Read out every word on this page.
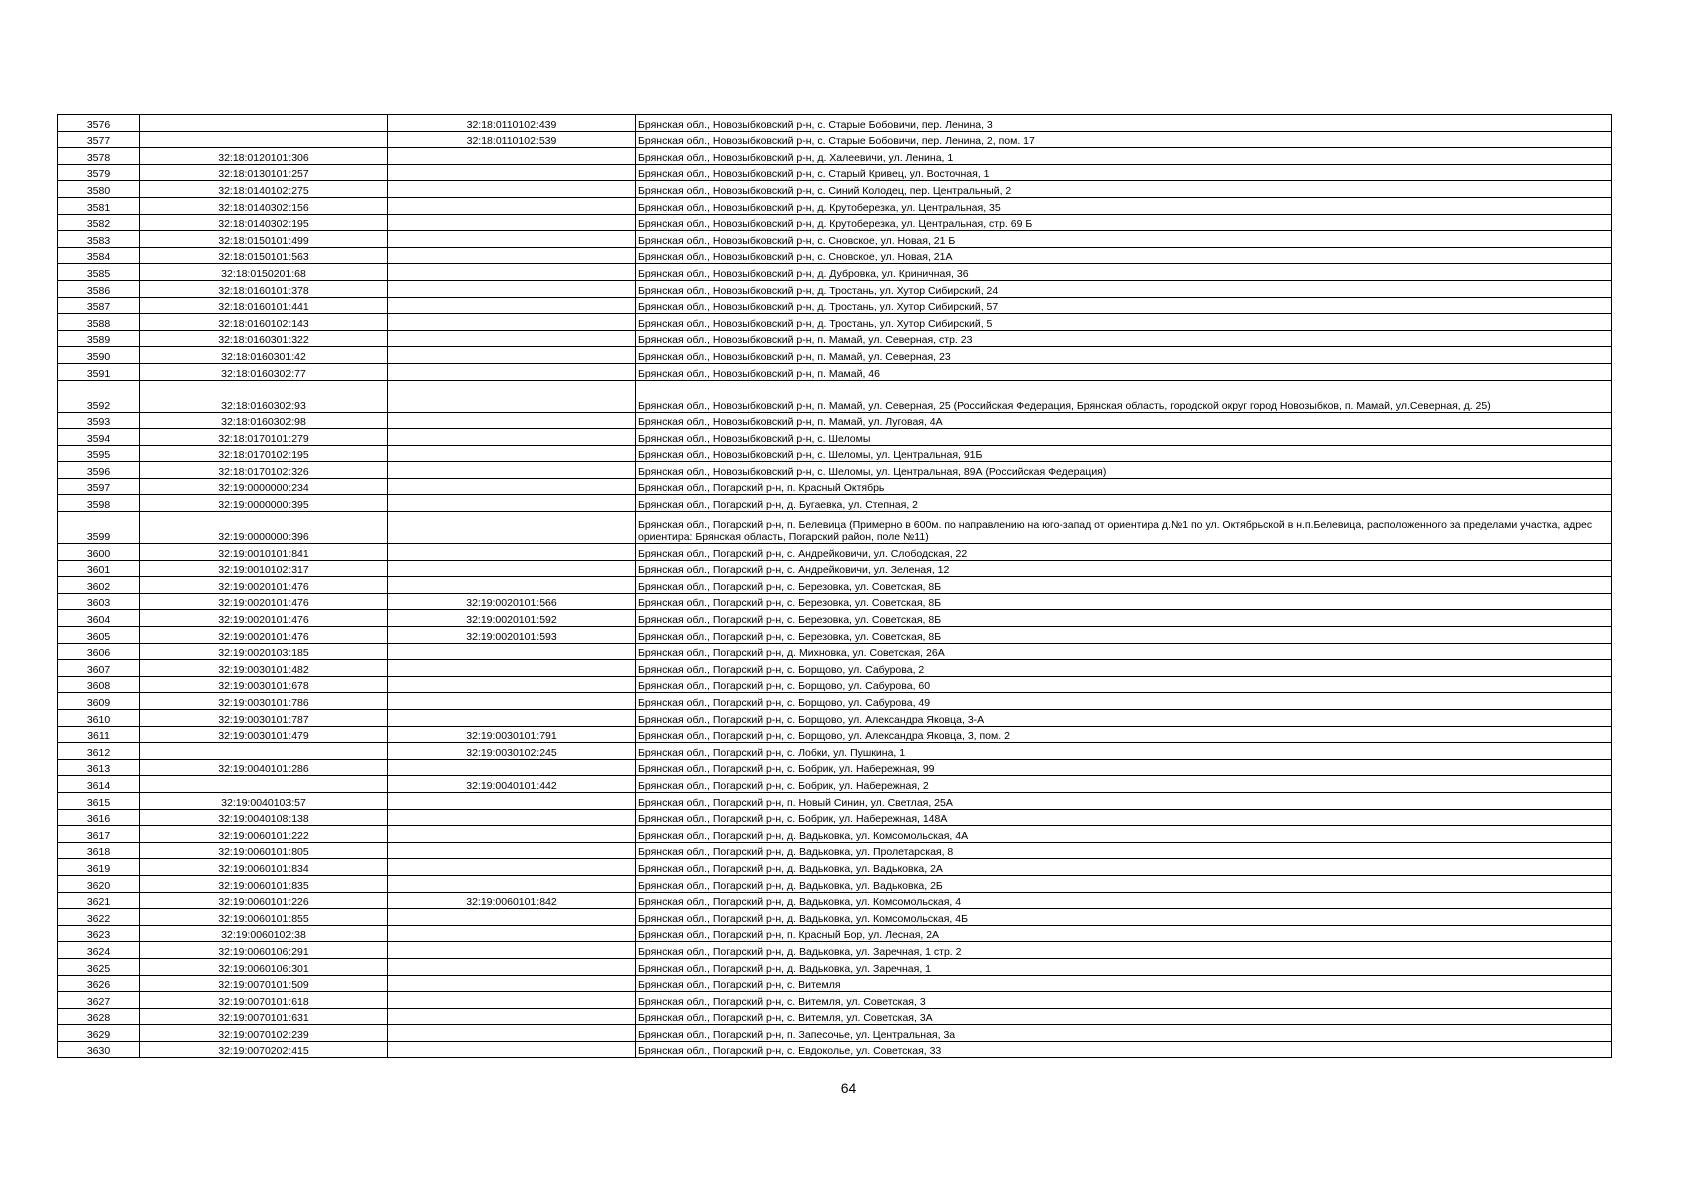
3576		32:18:0110102:439	Брянская обл., Новозыбковский р-н, с. Старые Бобовичи, пер. Ленина, 3
3577		32:18:0110102:539	Брянская обл., Новозыбковский р-н, с. Старые Бобовичи, пер. Ленина, 2, пом. 17
3578	32:18:0120101:306		Брянская обл., Новозыбковский р-н, д. Халеевичи, ул. Ленина, 1
3579	32:18:0130101:257		Брянская обл., Новозыбковский р-н, с. Старый Кривец, ул. Восточная, 1
3580	32:18:0140102:275		Брянская обл., Новозыбковский р-н, с. Синий Колодец, пер. Центральный, 2
3581	32:18:0140302:156		Брянская обл., Новозыбковский р-н, д. Крутоберезка, ул. Центральная, 35
3582	32:18:0140302:195		Брянская обл., Новозыбковский р-н, д. Крутоберезка, ул. Центральная, стр. 69 Б
3583	32:18:0150101:499		Брянская обл., Новозыбковский р-н, с. Сновское, ул. Новая, 21 Б
3584	32:18:0150101:563		Брянская обл., Новозыбковский р-н, с. Сновское, ул. Новая, 21А
3585	32:18:0150201:68		Брянская обл., Новозыбковский р-н, д. Дубровка, ул. Криничная, 36
3586	32:18:0160101:378		Брянская обл., Новозыбковский р-н, д. Тростань, ул. Хутор Сибирский, 24
3587	32:18:0160101:441		Брянская обл., Новозыбковский р-н, д. Тростань, ул. Хутор Сибирский, 57
3588	32:18:0160102:143		Брянская обл., Новозыбковский р-н, д. Тростань, ул. Хутор Сибирский, 5
3589	32:18:0160301:322		Брянская обл., Новозыбковский р-н, п. Мамай, ул. Северная, стр. 23
3590	32:18:0160301:42		Брянская обл., Новозыбковский р-н, п. Мамай, ул. Северная, 23
3591	32:18:0160302:77		Брянская обл., Новозыбковский р-н, п. Мамай, 46
3592	32:18:0160302:93		Брянская обл., Новозыбковский р-н, п. Мамай, ул. Северная, 25 (Российская Федерация, Брянская область, городской округ город Новозыбков, п. Мамай, ул.Северная, д. 25)
3593	32:18:0160302:98		Брянская обл., Новозыбковский р-н, п. Мамай, ул. Луговая, 4А
3594	32:18:0170101:279		Брянская обл., Новозыбковский р-н, с. Шеломы
3595	32:18:0170102:195		Брянская обл., Новозыбковский р-н, с. Шеломы, ул. Центральная, 91Б
3596	32:18:0170102:326		Брянская обл., Новозыбковский р-н, с. Шеломы, ул. Центральная, 89А (Российская Федерация)
3597	32:19:0000000:234		Брянская обл., Погарский р-н, п. Красный Октябрь
3598	32:19:0000000:395		Брянская обл., Погарский р-н, д. Бугаевка, ул. Степная, 2
3599	32:19:0000000:396		Брянская обл., Погарский р-н, п. Белевица (Примерно в 600м. по направлению на юго-запад от ориентира д.№1 по ул. Октябрьской в н.п.Белевица, расположенного за пределами участка, адрес ориентира: Брянская область, Погарский район, поле №11)
3600	32:19:0010101:841		Брянская обл., Погарский р-н, с. Андрейковичи, ул. Слободская, 22
3601	32:19:0010102:317		Брянская обл., Погарский р-н, с. Андрейковичи, ул. Зеленая, 12
3602	32:19:0020101:476		Брянская обл., Погарский р-н, с. Березовка, ул. Советская, 8Б
3603	32:19:0020101:476	32:19:0020101:566	Брянская обл., Погарский р-н, с. Березовка, ул. Советская, 8Б
3604	32:19:0020101:476	32:19:0020101:592	Брянская обл., Погарский р-н, с. Березовка, ул. Советская, 8Б
3605	32:19:0020101:476	32:19:0020101:593	Брянская обл., Погарский р-н, с. Березовка, ул. Советская, 8Б
3606	32:19:0020103:185		Брянская обл., Погарский р-н, д. Михновка, ул. Советская, 26А
3607	32:19:0030101:482		Брянская обл., Погарский р-н, с. Борщово, ул. Сабурова, 2
3608	32:19:0030101:678		Брянская обл., Погарский р-н, с. Борщово, ул. Сабурова, 60
3609	32:19:0030101:786		Брянская обл., Погарский р-н, с. Борщово, ул. Сабурова, 49
3610	32:19:0030101:787		Брянская обл., Погарский р-н, с. Борщово, ул. Александра Яковца, 3-А
3611	32:19:0030101:479	32:19:0030101:791	Брянская обл., Погарский р-н, с. Борщово, ул. Александра Яковца, 3, пом. 2
3612		32:19:0030102:245	Брянская обл., Погарский р-н, с. Лобки, ул. Пушкина, 1
3613	32:19:0040101:286		Брянская обл., Погарский р-н, с. Бобрик, ул. Набережная, 99
3614		32:19:0040101:442	Брянская обл., Погарский р-н, с. Бобрик, ул. Набережная, 2
3615	32:19:0040103:57		Брянская обл., Погарский р-н, п. Новый Синин, ул. Светлая, 25А
3616	32:19:0040108:138		Брянская обл., Погарский р-н, с. Бобрик, ул. Набережная, 148А
3617	32:19:0060101:222		Брянская обл., Погарский р-н, д. Вадьковка, ул. Комсомольская, 4А
3618	32:19:0060101:805		Брянская обл., Погарский р-н, д. Вадьковка, ул. Пролетарская, 8
3619	32:19:0060101:834		Брянская обл., Погарский р-н, д. Вадьковка, ул. Вадьковка, 2А
3620	32:19:0060101:835		Брянская обл., Погарский р-н, д. Вадьковка, ул. Вадьковка, 2Б
3621	32:19:0060101:226	32:19:0060101:842	Брянская обл., Погарский р-н, д. Вадьковка, ул. Комсомольская, 4
3622	32:19:0060101:855		Брянская обл., Погарский р-н, д. Вадьковка, ул. Комсомольская, 4Б
3623	32:19:0060102:38		Брянская обл., Погарский р-н, п. Красный Бор, ул. Лесная, 2А
3624	32:19:0060106:291		Брянская обл., Погарский р-н, д. Вадьковка, ул. Заречная, 1 стр. 2
3625	32:19:0060106:301		Брянская обл., Погарский р-н, д. Вадьковка, ул. Заречная, 1
3626	32:19:0070101:509		Брянская обл., Погарский р-н, с. Витемля
3627	32:19:0070101:618		Брянская обл., Погарский р-н, с. Витемля, ул. Советская, 3
3628	32:19:0070101:631		Брянская обл., Погарский р-н, с. Витемля, ул. Советская, 3А
3629	32:19:0070102:239		Брянская обл., Погарский р-н, п. Запесочье, ул. Центральная, 3а
3630	32:19:0070202:415		Брянская обл., Погарский р-н, с. Евдоколье, ул. Советская, 33
64
